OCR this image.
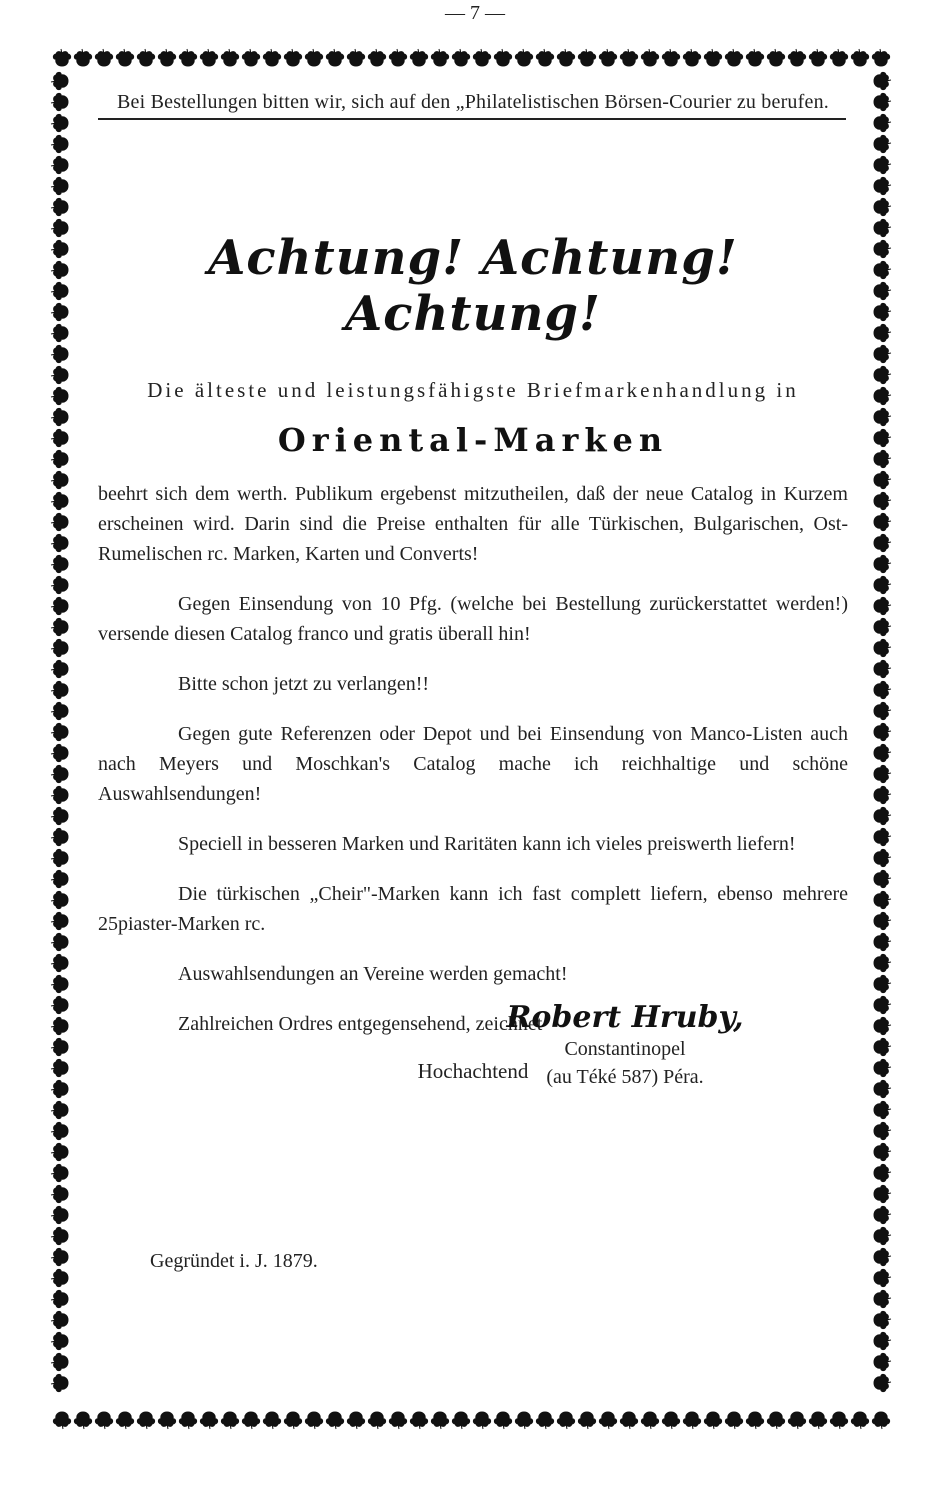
— 7 —
Bei Bestellungen bitten wir, sich auf den „Philatelistischen Börsen-Courier zu berufen.
Achtung! Achtung! Achtung!
Die älteste und leistungsfähigste Briefmarkenhandlung in
Oriental-Marken

beehrt sich dem werth. Publikum ergebenst mitzutheilen, daß der neue Catalog in Kurzem erscheinen wird. Darin sind die Preise enthalten für alle Türkischen, Bulgarischen, Ost-Rumelischen rc. Marken, Karten und Converts!

Gegen Einsendung von 10 Pfg. (welche bei Bestellung zurückerstattet werden!) versende diesen Catalog franco und gratis überall hin!

Bitte schon jetzt zu verlangen!!

Gegen gute Referenzen oder Depot und bei Einsendung von Manco-Listen auch nach Meyers und Moschkan's Catalog mache ich reichhaltige und schöne Auswahlsendungen!

Speciell in besseren Marken und Raritäten kann ich vieles preiswerth liefern!

Die türkischen „Cheir"-Marken kann ich fast complett liefern, ebenso mehrere 25piaster-Marken rc.

Auswahlsendungen an Vereine werden gemacht!

Zahlreichen Ordres entgegensehend, zeichnet

Hochachtend
Robert Hruby,
Constantinopel
(au Téké 587) Péra.
Gegründet i. J. 1879.
